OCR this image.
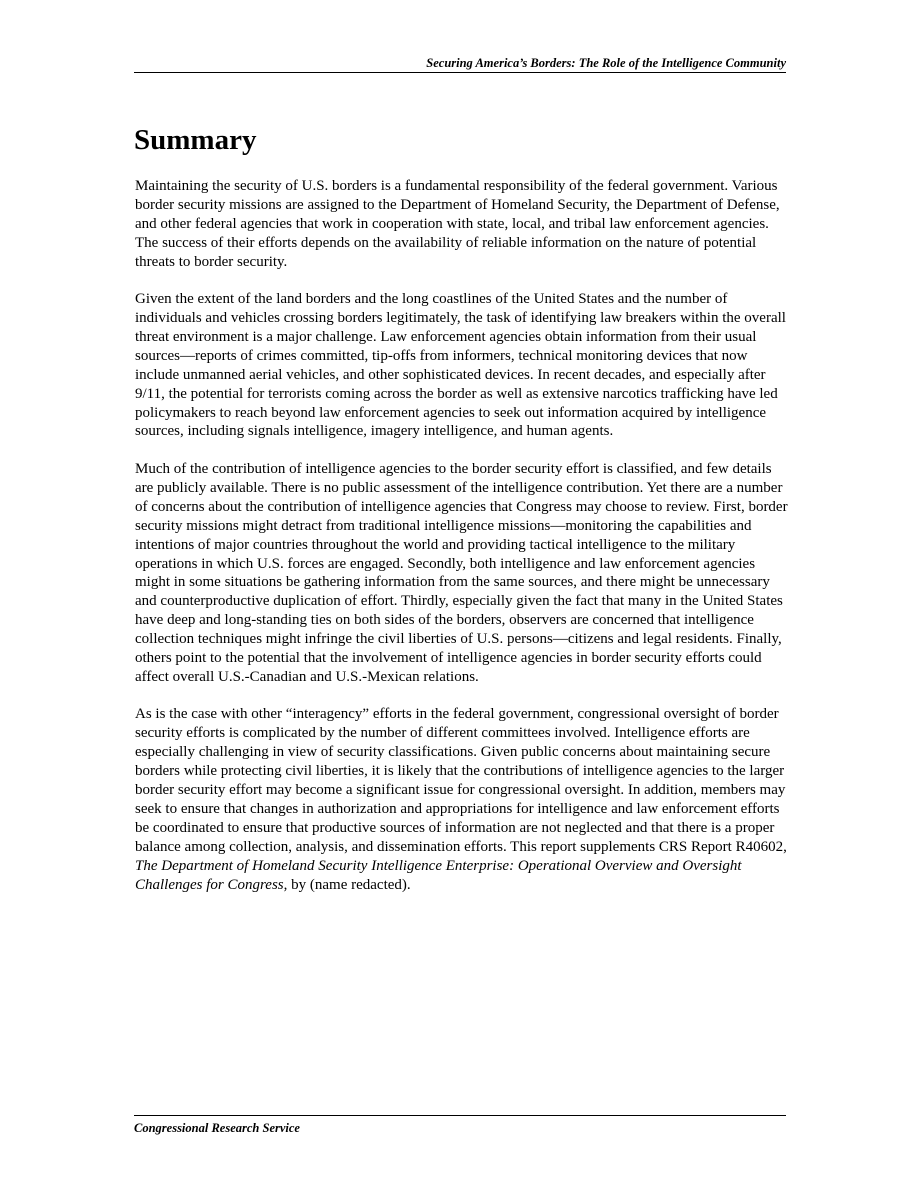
Securing America’s Borders: The Role of the Intelligence Community
Summary

Maintaining the security of U.S. borders is a fundamental responsibility of the federal government. Various border security missions are assigned to the Department of Homeland Security, the Department of Defense, and other federal agencies that work in cooperation with state, local, and tribal law enforcement agencies. The success of their efforts depends on the availability of reliable information on the nature of potential threats to border security.

Given the extent of the land borders and the long coastlines of the United States and the number of individuals and vehicles crossing borders legitimately, the task of identifying law breakers within the overall threat environment is a major challenge. Law enforcement agencies obtain information from their usual sources—reports of crimes committed, tip-offs from informers, technical monitoring devices that now include unmanned aerial vehicles, and other sophisticated devices. In recent decades, and especially after 9/11, the potential for terrorists coming across the border as well as extensive narcotics trafficking have led policymakers to reach beyond law enforcement agencies to seek out information acquired by intelligence sources, including signals intelligence, imagery intelligence, and human agents.

Much of the contribution of intelligence agencies to the border security effort is classified, and few details are publicly available. There is no public assessment of the intelligence contribution. Yet there are a number of concerns about the contribution of intelligence agencies that Congress may choose to review. First, border security missions might detract from traditional intelligence missions—monitoring the capabilities and intentions of major countries throughout the world and providing tactical intelligence to the military operations in which U.S. forces are engaged. Secondly, both intelligence and law enforcement agencies might in some situations be gathering information from the same sources, and there might be unnecessary and counterproductive duplication of effort. Thirdly, especially given the fact that many in the United States have deep and long-standing ties on both sides of the borders, observers are concerned that intelligence collection techniques might infringe the civil liberties of U.S. persons—citizens and legal residents. Finally, others point to the potential that the involvement of intelligence agencies in border security efforts could affect overall U.S.-Canadian and U.S.-Mexican relations.

As is the case with other “interagency” efforts in the federal government, congressional oversight of border security efforts is complicated by the number of different committees involved. Intelligence efforts are especially challenging in view of security classifications. Given public concerns about maintaining secure borders while protecting civil liberties, it is likely that the contributions of intelligence agencies to the larger border security effort may become a significant issue for congressional oversight. In addition, members may seek to ensure that changes in authorization and appropriations for intelligence and law enforcement efforts be coordinated to ensure that productive sources of information are not neglected and that there is a proper balance among collection, analysis, and dissemination efforts. This report supplements CRS Report R40602, The Department of Homeland Security Intelligence Enterprise: Operational Overview and Oversight Challenges for Congress, by (name redacted).

Congressional Research Service
